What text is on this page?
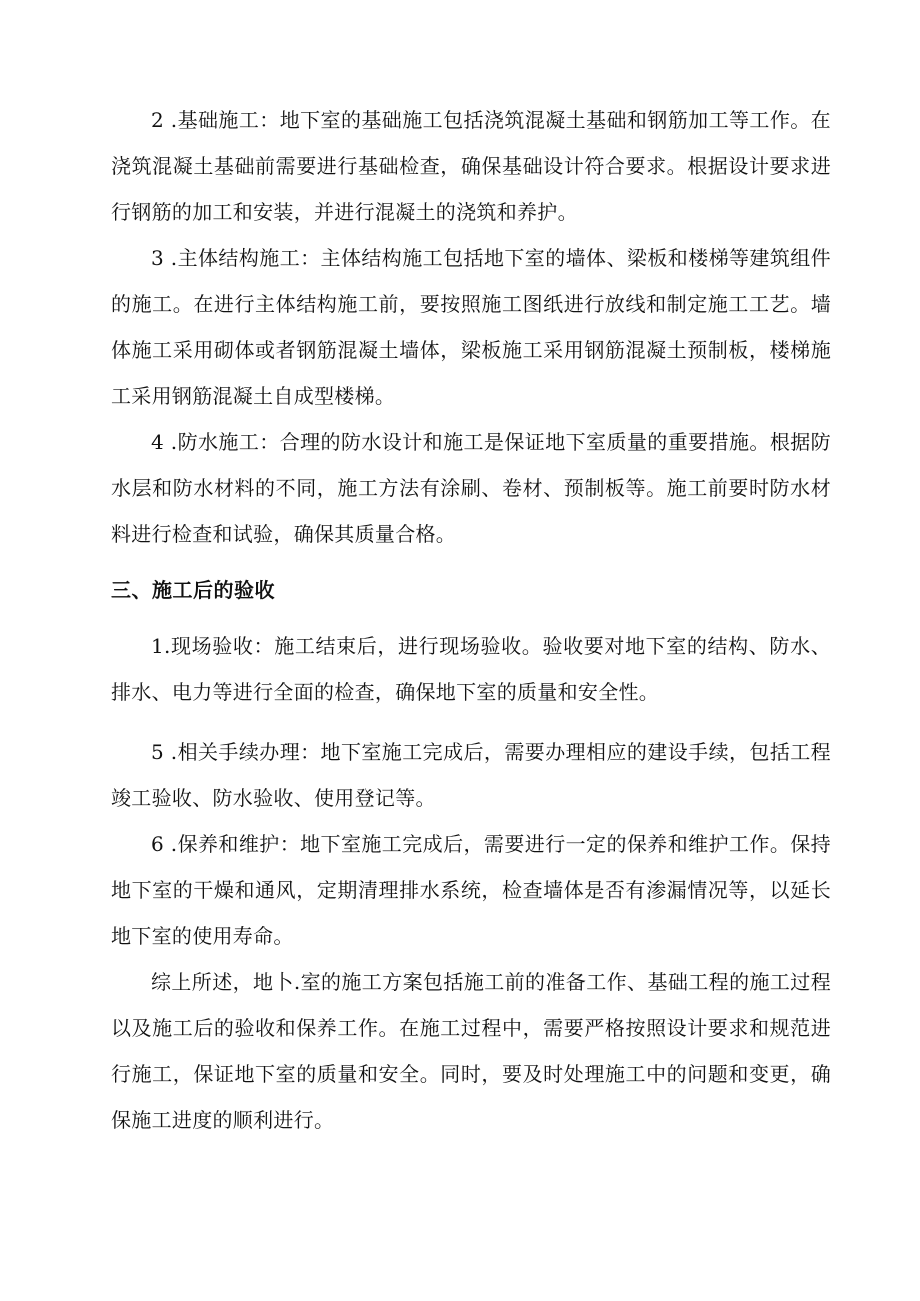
2 .基础施工：地下室的基础施工包括浇筑混凝土基础和钢筋加工等工作。在浇筑混凝土基础前需要进行基础检查，确保基础设计符合要求。根据设计要求进行钢筋的加工和安装，并进行混凝土的浇筑和养护。

3 .主体结构施工：主体结构施工包括地下室的墙体、梁板和楼梯等建筑组件的施工。在进行主体结构施工前，要按照施工图纸进行放线和制定施工工艺。墙体施工采用砌体或者钢筋混凝土墙体，梁板施工采用钢筋混凝土预制板，楼梯施工采用钢筋混凝土自成型楼梯。

4 .防水施工：合理的防水设计和施工是保证地下室质量的重要措施。根据防水层和防水材料的不同，施工方法有涂刷、卷材、预制板等。施工前要时防水材料进行检查和试验，确保其质量合格。

三、施工后的验收

1.现场验收：施工结束后，进行现场验收。验收要对地下室的结构、防水、排水、电力等进行全面的检查，确保地下室的质量和安全性。

5 .相关手续办理：地下室施工完成后，需要办理相应的建设手续，包括工程竣工验收、防水验收、使用登记等。

6 .保养和维护：地下室施工完成后，需要进行一定的保养和维护工作。保持地下室的干燥和通风，定期清理排水系统，检查墙体是否有渗漏情况等，以延长地下室的使用寿命。

综上所述，地卜.室的施工方案包括施工前的准备工作、基础工程的施工过程以及施工后的验收和保养工作。在施工过程中，需要严格按照设计要求和规范进行施工，保证地下室的质量和安全。同时，要及时处理施工中的问题和变更，确保施工进度的顺利进行。
